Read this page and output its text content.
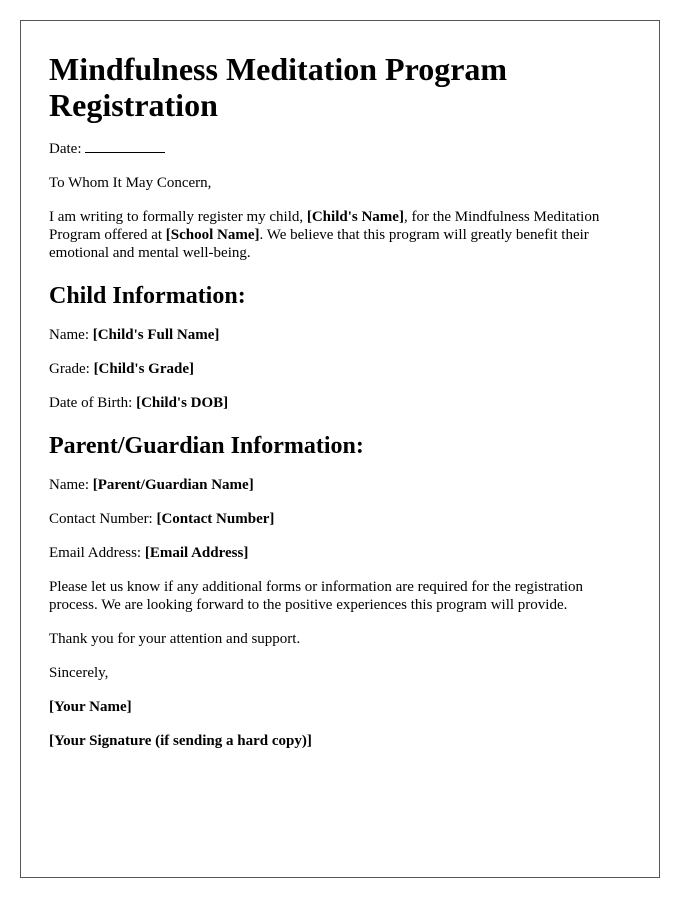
Mindfulness Meditation Program Registration

Date:

To Whom It May Concern,

I am writing to formally register my child, [Child's Name], for the Mindfulness Meditation Program offered at [School Name]. We believe that this program will greatly benefit their emotional and mental well-being.

Child Information:

Name: [Child's Full Name]

Grade: [Child's Grade]

Date of Birth: [Child's DOB]

Parent/Guardian Information:

Name: [Parent/Guardian Name]

Contact Number: [Contact Number]

Email Address: [Email Address]

Please let us know if any additional forms or information are required for the registration process. We are looking forward to the positive experiences this program will provide.

Thank you for your attention and support.

Sincerely,

[Your Name]

[Your Signature (if sending a hard copy)]
